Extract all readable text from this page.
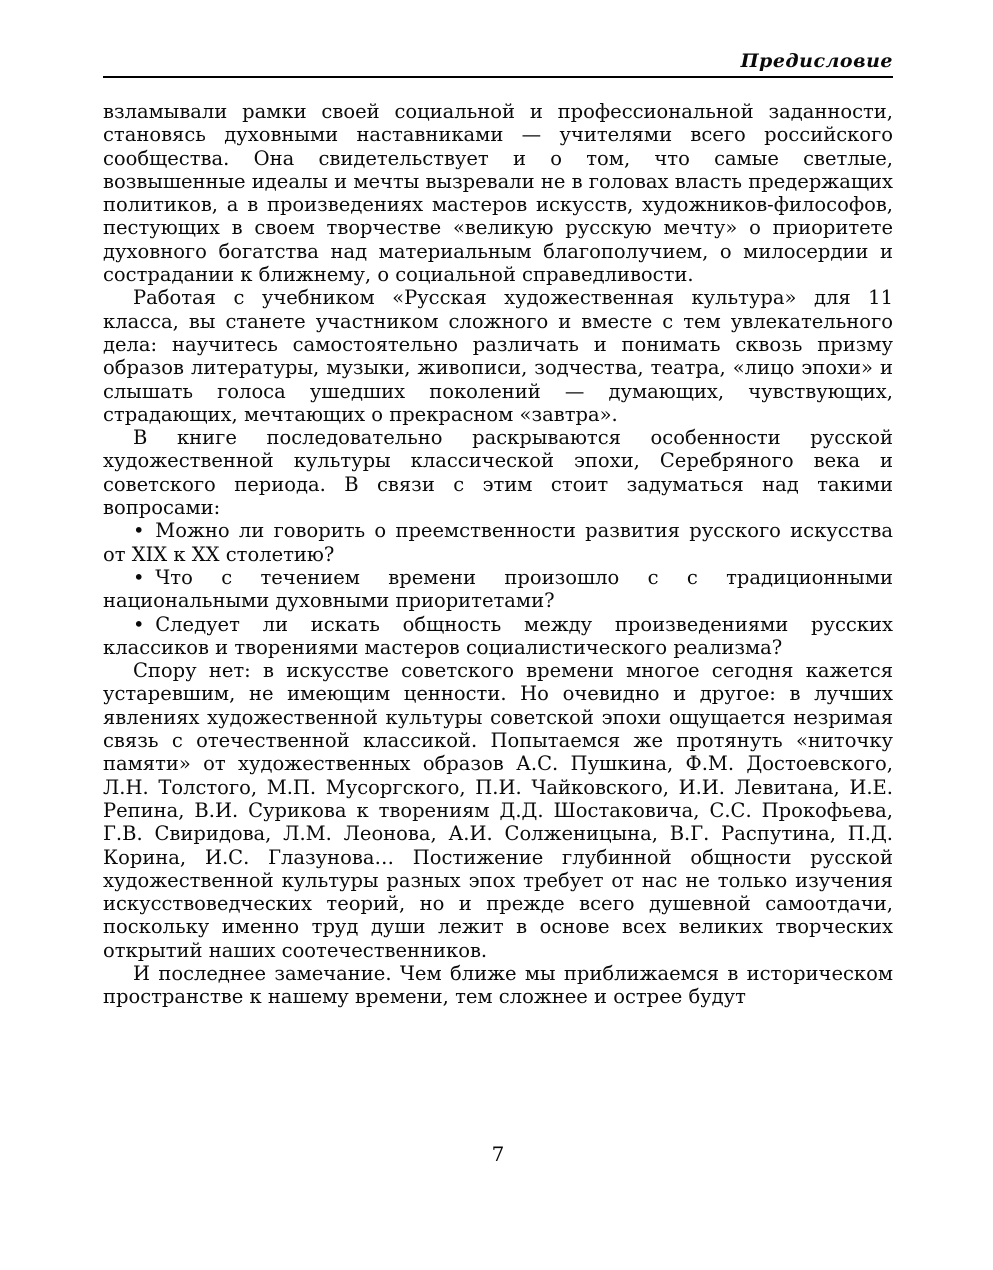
Предисловие

взламывали рамки своей социальной и профессиональной заданности, становясь духовными наставниками — учителями всего российского сообщества. Она свидетельствует и о том, что самые светлые, возвышенные идеалы и мечты вызревали не в головах власть предержащих политиков, а в произведениях мастеров искусств, художников-философов, пестующих в своем творчестве «великую русскую мечту» о приоритете духовного богатства над материальным благополучием, о милосердии и сострадании к ближнему, о социальной справедливости.

Работая с учебником «Русская художественная культура» для 11 класса, вы станете участником сложного и вместе с тем увлекательного дела: научитесь самостоятельно различать и понимать сквозь призму образов литературы, музыки, живописи, зодчества, театра, «лицо эпохи» и слышать голоса ушедших поколений — думающих, чувствующих, страдающих, мечтающих о прекрасном «завтра».

В книге последовательно раскрываются особенности русской художественной культуры классической эпохи, Серебряного века и советского периода. В связи с этим стоит задуматься над такими вопросами:

• Можно ли говорить о преемственности развития русского искусства от XIX к XX столетию?

• Что с течением времени произошло с с традиционными национальными духовными приоритетами?

• Следует ли искать общность между произведениями русских классиков и творениями мастеров социалистического реализма?

Спору нет: в искусстве советского времени многое сегодня кажется устаревшим, не имеющим ценности. Но очевидно и другое: в лучших явлениях художественной культуры советской эпохи ощущается незримая связь с отечественной классикой. Попытаемся же протянуть «ниточку памяти» от художественных образов А.С. Пушкина, Ф.М. Достоевского, Л.Н. Толстого, М.П. Мусоргского, П.И. Чайковского, И.И. Левитана, И.Е. Репина, В.И. Сурикова к творениям Д.Д. Шостаковича, С.С. Прокофьева, Г.В. Свиридова, Л.М. Леонова, А.И. Солженицына, В.Г. Распутина, П.Д. Корина, И.С. Глазунова… Постижение глубинной общности русской художественной культуры разных эпох требует от нас не только изучения искусствоведческих теорий, но и прежде всего душевной самоотдачи, поскольку именно труд души лежит в основе всех великих творческих открытий наших соотечественников.

И последнее замечание. Чем ближе мы приближаемся в историческом пространстве к нашему времени, тем сложнее и острее будут

7
